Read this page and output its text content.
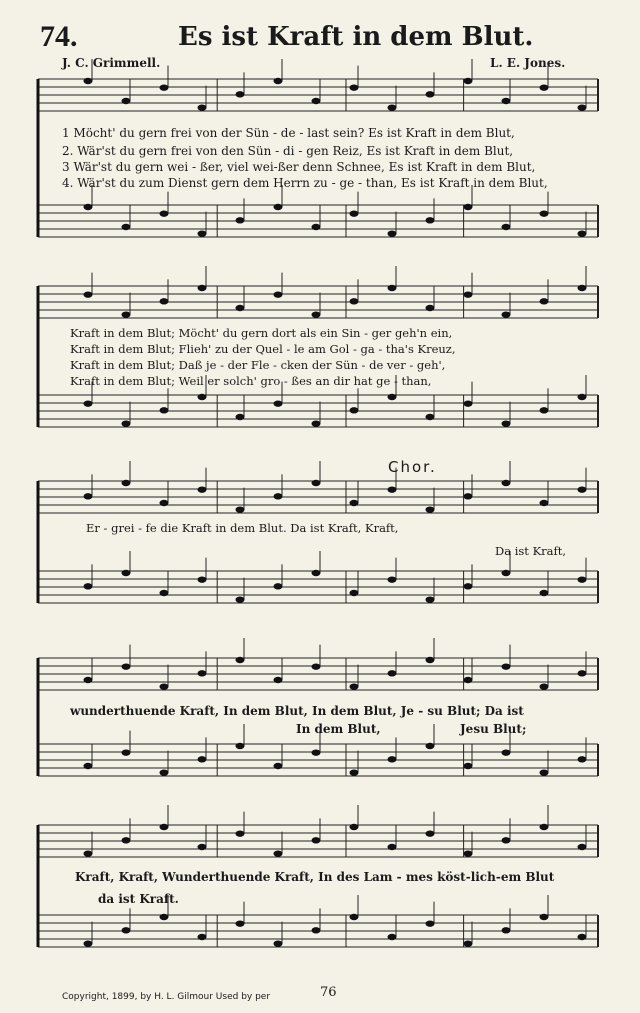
74.	Es ist Kraft in dem Blut.
J. C. Grimmell.	L. E. Jones.
1 Möcht' du gern frei von der Sün - de - last sein? Es ist Kraft in dem Blut,
2. Wär'st du gern frei von den Sün - di - gen Reiz, Es ist Kraft in dem Blut,
3 Wär'st du gern wei - ßer, viel wei-ßer denn Schnee, Es ist Kraft in dem Blut,
4. Wär'st du zum Dienst gern dem Herrn zu - ge - than, Es ist Kraft in dem Blut,
Kraft in dem Blut; Möcht' du gern dort als ein Sin - ger geh'n ein,
Kraft in dem Blut; Flieh' zu der Quel - le am Gol - ga - tha's Kreuz,
Kraft in dem Blut; Daß je - der Fle - cken der Sün - de ver - geh',
Kraft in dem Blut; Weil er solch' gro - ßes an dir hat ge - than,
Chor.
Er - grei - fe die Kraft in dem Blut. Da ist Kraft, Kraft,
Da ist Kraft,
wunderthuende Kraft, In dem Blut, In dem Blut, Je - su Blut; Da ist
In dem Blut,	Jesu Blut;
Kraft, Kraft, Wunderthuende Kraft, In des Lam - mes köst-lich-em Blut
da ist Kraft.
Copyright, 1899, by H. L. Gilmour Used by per	76
